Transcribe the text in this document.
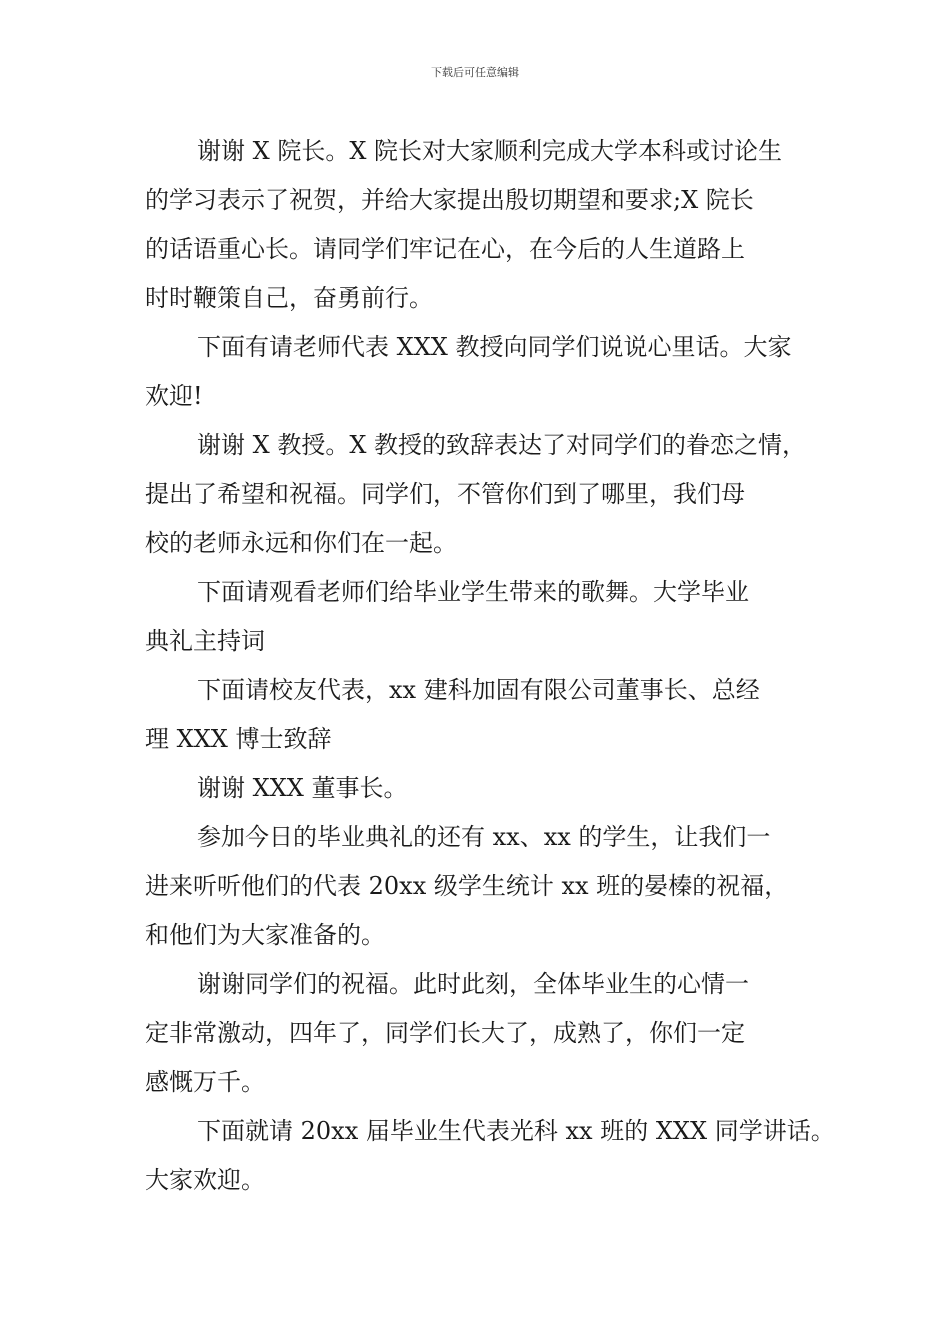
下载后可任意编辑

谢谢 X 院长。X 院长对大家顺利完成大学本科或讨论生
的学习表示了祝贺，并给大家提出殷切期望和要求;X 院长
的话语重心长。请同学们牢记在心，在今后的人生道路上
时时鞭策自己，奋勇前行。

下面有请老师代表 XXX 教授向同学们说说心里话。大家
欢迎!

谢谢 X 教授。X 教授的致辞表达了对同学们的眷恋之情，
提出了希望和祝福。同学们，不管你们到了哪里，我们母
校的老师永远和你们在一起。

下面请观看老师们给毕业学生带来的歌舞。大学毕业
典礼主持词

下面请校友代表，xx 建科加固有限公司董事长、总经
理 XXX 博士致辞

谢谢 XXX 董事长。

参加今日的毕业典礼的还有 xx、xx 的学生，让我们一
进来听听他们的代表 20xx 级学生统计 xx 班的晏榛的祝福，
和他们为大家准备的。

谢谢同学们的祝福。此时此刻，全体毕业生的心情一
定非常激动，四年了，同学们长大了，成熟了，你们一定
感慨万千。

下面就请 20xx 届毕业生代表光科 xx 班的 XXX 同学讲话。
大家欢迎。
